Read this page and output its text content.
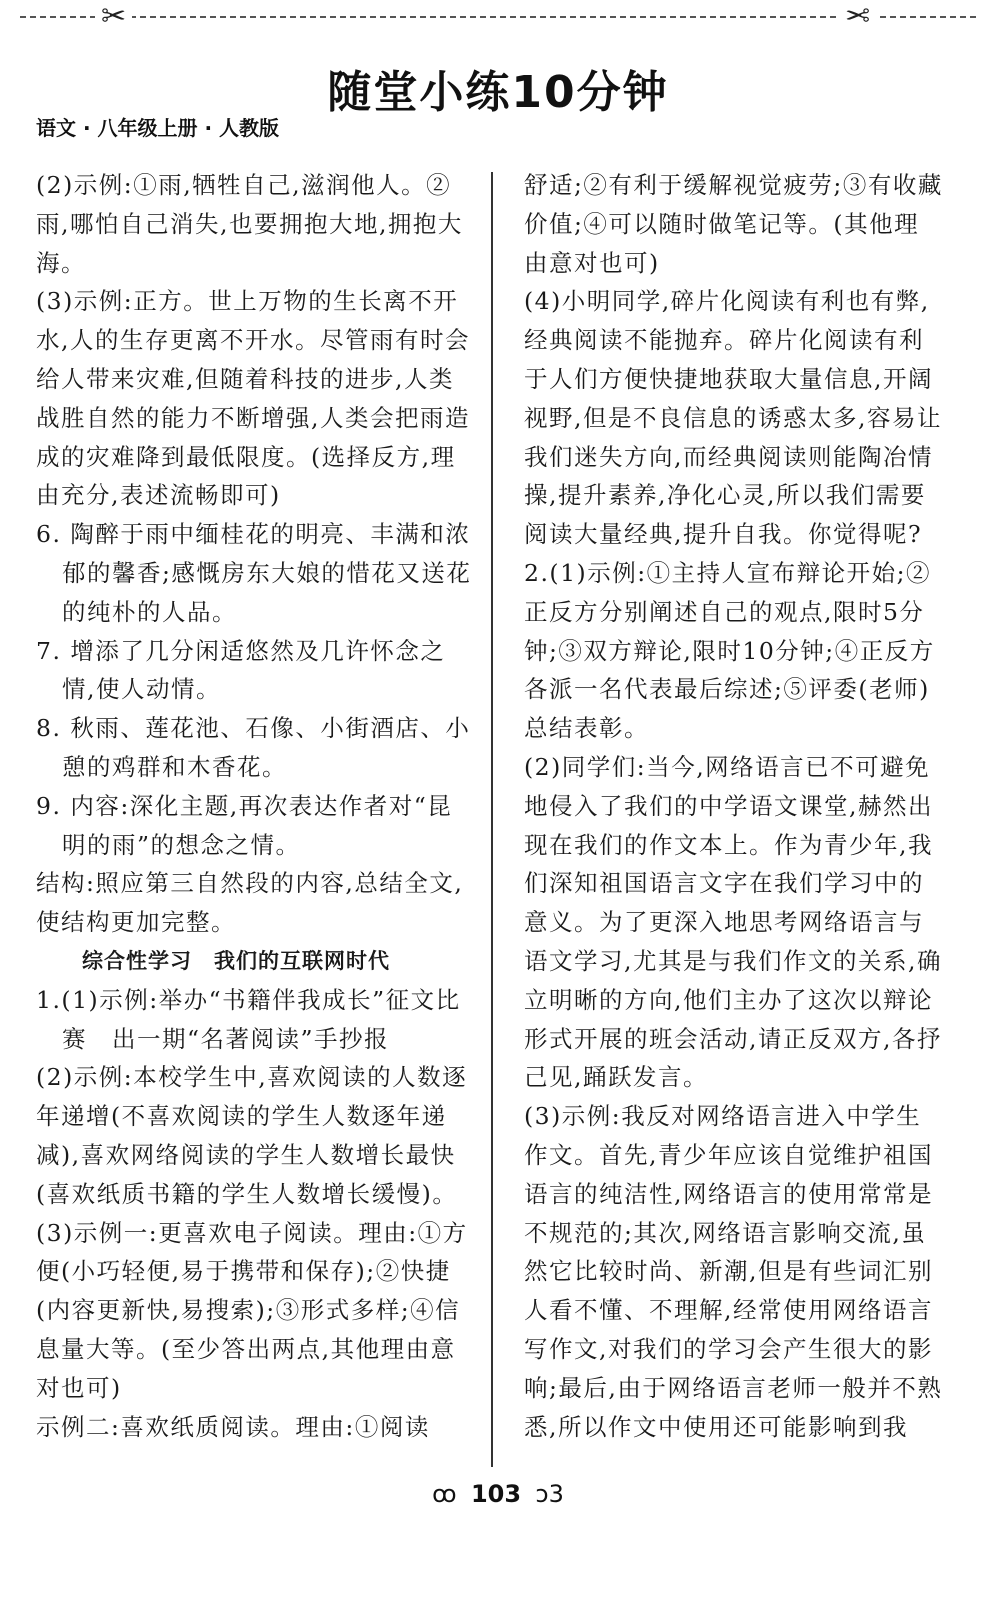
✂	✂
随堂小练10分钟
语文 · 八年级上册 · 人教版

(2)示例:①雨,牺牲自己,滋润他人。②雨,哪怕自己消失,也要拥抱大地,拥抱大海。

(3)示例:正方。世上万物的生长离不开水,人的生存更离不开水。尽管雨有时会给人带来灾难,但随着科技的进步,人类战胜自然的能力不断增强,人类会把雨造成的灾难降到最低限度。(选择反方,理由充分,表述流畅即可)

6. 陶醉于雨中缅桂花的明亮、丰满和浓郁的馨香;感慨房东大娘的惜花又送花的纯朴的人品。

7. 增添了几分闲适悠然及几许怀念之情,使人动情。

8. 秋雨、莲花池、石像、小街酒店、小憩的鸡群和木香花。

9. 内容:深化主题,再次表达作者对“昆明的雨”的想念之情。

结构:照应第三自然段的内容,总结全文,使结构更加完整。

综合性学习　我们的互联网时代

1.(1)示例:举办“书籍伴我成长”征文比赛　出一期“名著阅读”手抄报

(2)示例:本校学生中,喜欢阅读的人数逐年递增(不喜欢阅读的学生人数逐年递减),喜欢网络阅读的学生人数增长最快(喜欢纸质书籍的学生人数增长缓慢)。

(3)示例一:更喜欢电子阅读。理由:①方便(小巧轻便,易于携带和保存);②快捷(内容更新快,易搜索);③形式多样;④信息量大等。(至少答出两点,其他理由意对也可)

示例二:喜欢纸质阅读。理由:①阅读

舒适;②有利于缓解视觉疲劳;③有收藏价值;④可以随时做笔记等。(其他理由意对也可)

(4)小明同学,碎片化阅读有利也有弊,经典阅读不能抛弃。碎片化阅读有利于人们方便快捷地获取大量信息,开阔视野,但是不良信息的诱惑太多,容易让我们迷失方向,而经典阅读则能陶冶情操,提升素养,净化心灵,所以我们需要阅读大量经典,提升自我。你觉得呢?

2.(1)示例:①主持人宣布辩论开始;②正反方分别阐述自己的观点,限时5分钟;③双方辩论,限时10分钟;④正反方各派一名代表最后综述;⑤评委(老师)总结表彰。

(2)同学们:当今,网络语言已不可避免地侵入了我们的中学语文课堂,赫然出现在我们的作文本上。作为青少年,我们深知祖国语言文字在我们学习中的意义。为了更深入地思考网络语言与语文学习,尤其是与我们作文的关系,确立明晰的方向,他们主办了这次以辩论形式开展的班会活动,请正反双方,各抒己见,踊跃发言。

(3)示例:我反对网络语言进入中学生作文。首先,青少年应该自觉维护祖国语言的纯洁性,网络语言的使用常常是不规范的;其次,网络语言影响交流,虽然它比较时尚、新潮,但是有些词汇别人看不懂、不理解,经常使用网络语言写作文,对我们的学习会产生很大的影响;最后,由于网络语言老师一般并不熟悉,所以作文中使用还可能影响到我

ꝏ 103 ↄ3
